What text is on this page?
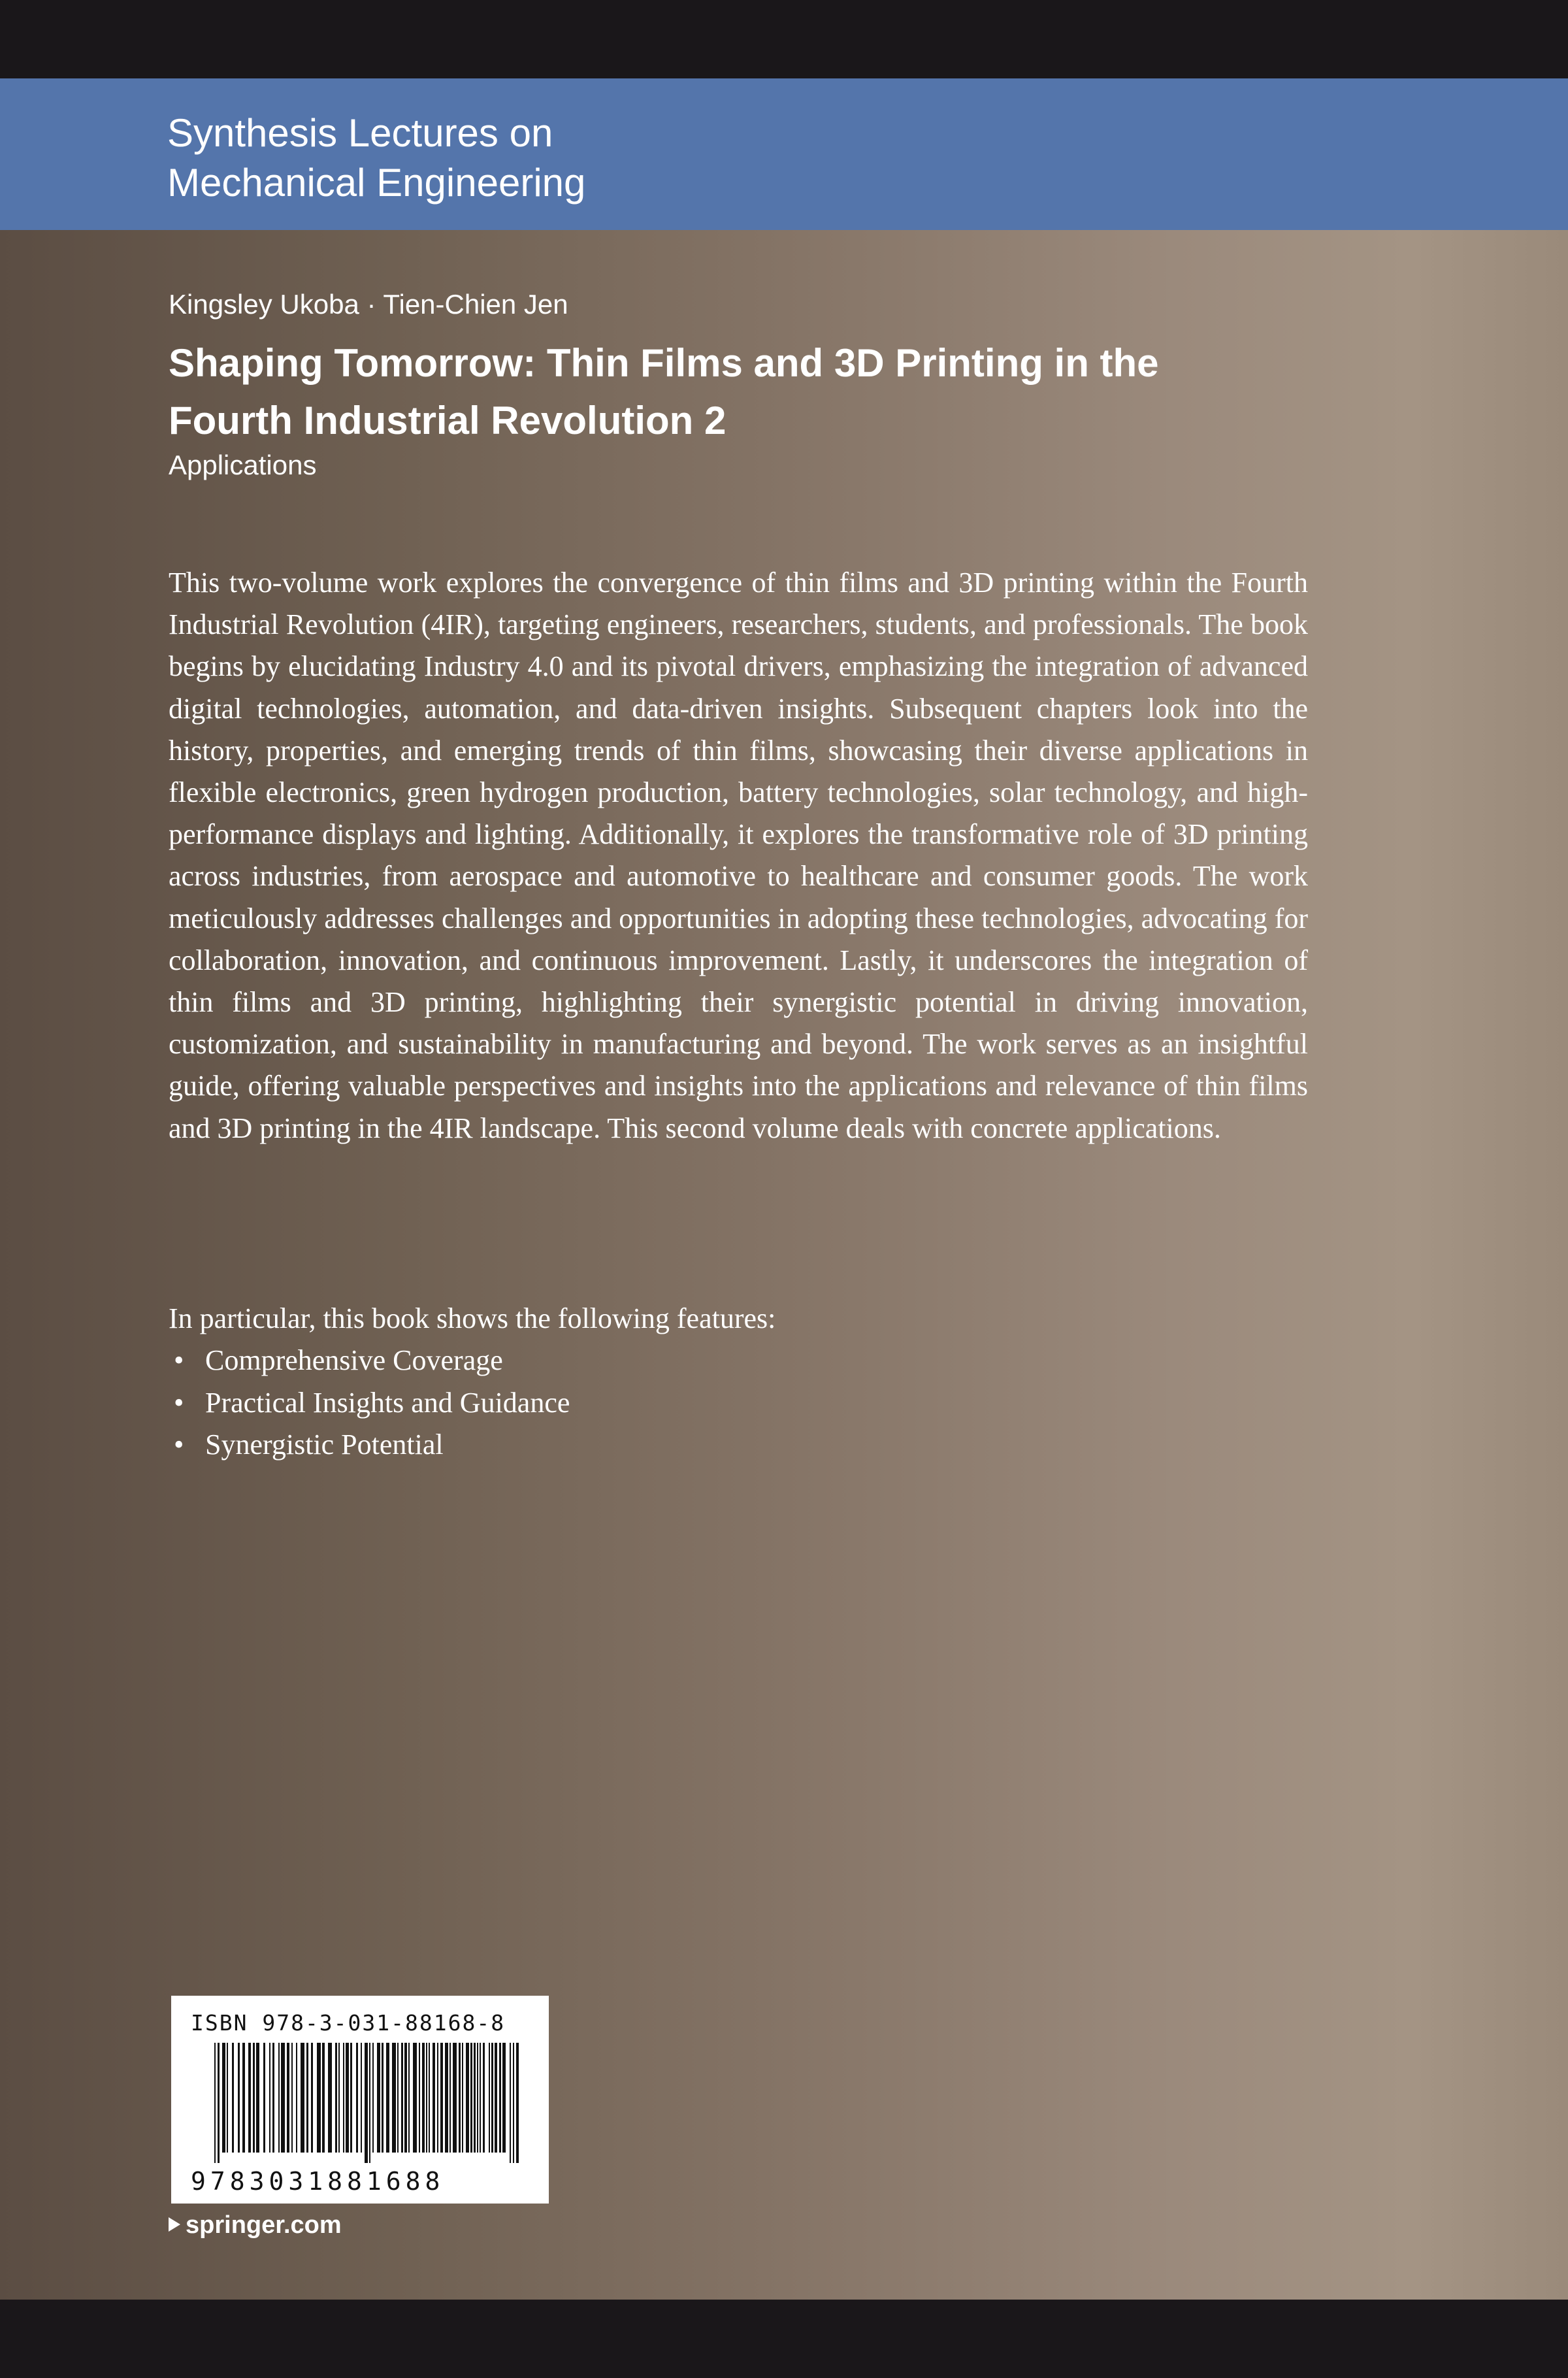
Synthesis Lectures on
Mechanical Engineering
Kingsley Ukoba · Tien-Chien Jen
Shaping Tomorrow: Thin Films and 3D Printing in the Fourth Industrial Revolution 2
Applications

This two-volume work explores the convergence of thin films and 3D printing within the Fourth Industrial Revolution (4IR), targeting engineers, researchers, students, and professionals. The book begins by elucidating Industry 4.0 and its pivotal drivers, emphasizing the integration of advanced digital technologies, automation, and data-driven insights. Subsequent chapters look into the history, properties, and emerging trends of thin films, showcasing their diverse applications in flexible electronics, green hydrogen production, battery technologies, solar technology, and high-performance displays and lighting. Additionally, it explores the transformative role of 3D printing across industries, from aerospace and automotive to healthcare and consumer goods. The work meticulously addresses challenges and opportunities in adopting these technologies, advocating for collaboration, innovation, and continuous improvement. Lastly, it underscores the integration of thin films and 3D printing, highlighting their synergistic potential in driving innovation, customization, and sustainability in manufacturing and beyond. The work serves as an insightful guide, offering valuable perspectives and insights into the applications and relevance of thin films and 3D printing in the 4IR landscape. This second volume deals with concrete applications.

In particular, this book shows the following features:
• Comprehensive Coverage
• Practical Insights and Guidance
• Synergistic Potential
ISBN 978-3-031-88168-8
9783031881688
springer.com
